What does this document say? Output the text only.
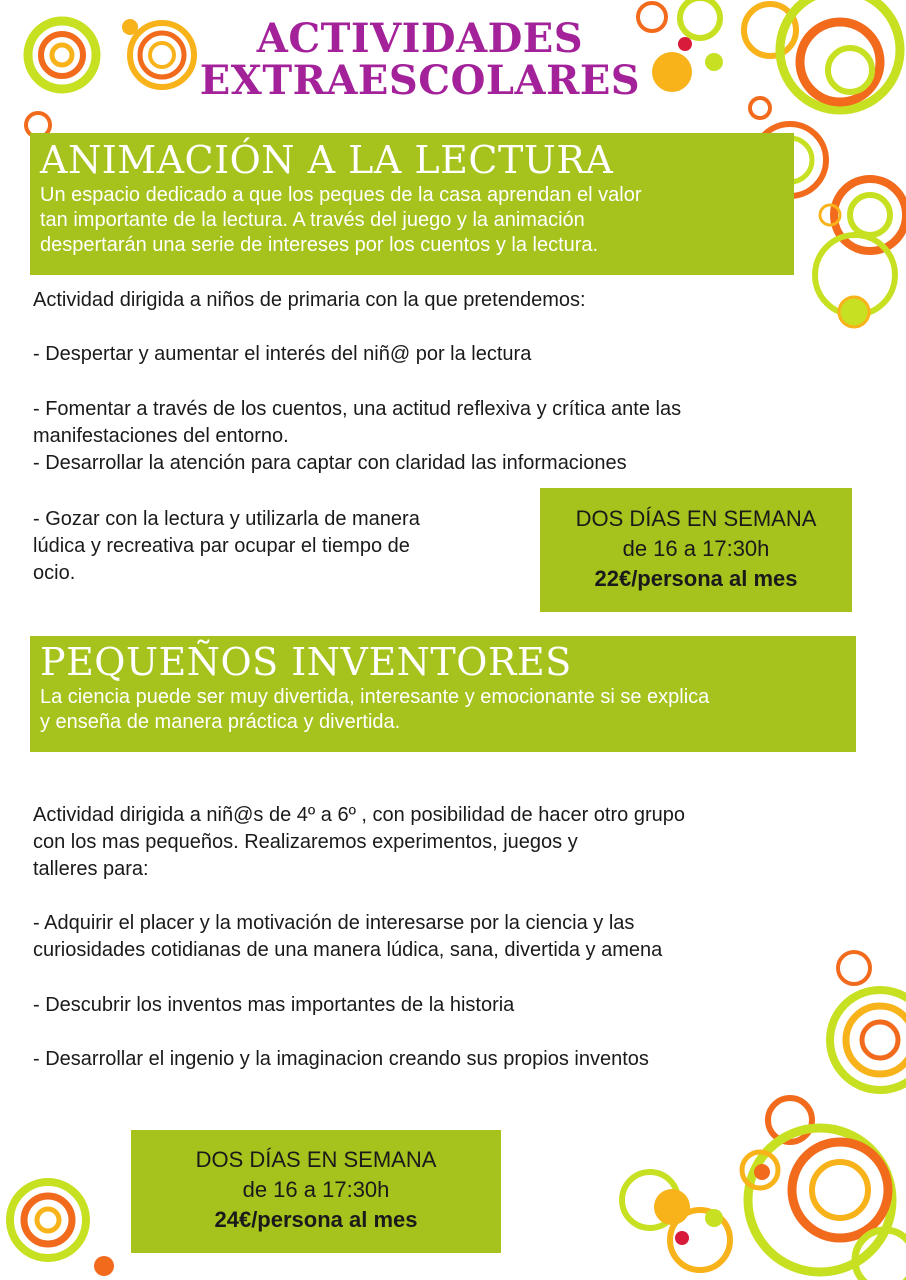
ACTIVIDADES
EXTRAESCOLARES
ANIMACIÓN A LA LECTURA

Un espacio dedicado a que los peques de la casa aprendan el valor

tan importante de la lectura. A través del juego y la animación

despertarán una serie de intereses por los cuentos y la lectura.

Actividad dirigida a niños de primaria con la que pretendemos:

- Despertar y aumentar el interés del niñ@ por la lectura

- Fomentar a través de los cuentos, una actitud reflexiva y crítica ante las

manifestaciones del entorno.

- Desarrollar la atención para captar con claridad las informaciones

- Gozar con la lectura y utilizarla de manera

lúdica y recreativa par ocupar el tiempo de

ocio.

DOS DÍAS EN SEMANA
de 16 a 17:30h
22€/persona al mes
PEQUEÑOS INVENTORES

La ciencia puede ser muy divertida, interesante y emocionante si se explica

y enseña de manera práctica y divertida.

Actividad dirigida a niñ@s de 4º a 6º , con posibilidad de hacer otro grupo

con los mas pequeños. Realizaremos experimentos, juegos y

talleres para:

- Adquirir el placer y la motivación de interesarse por la ciencia y las

curiosidades cotidianas de una manera lúdica, sana, divertida y amena

- Descubrir los inventos mas importantes de la historia

- Desarrollar el ingenio y la imaginacion creando sus propios inventos

DOS DÍAS EN SEMANA
de 16 a 17:30h
24€/persona al mes
